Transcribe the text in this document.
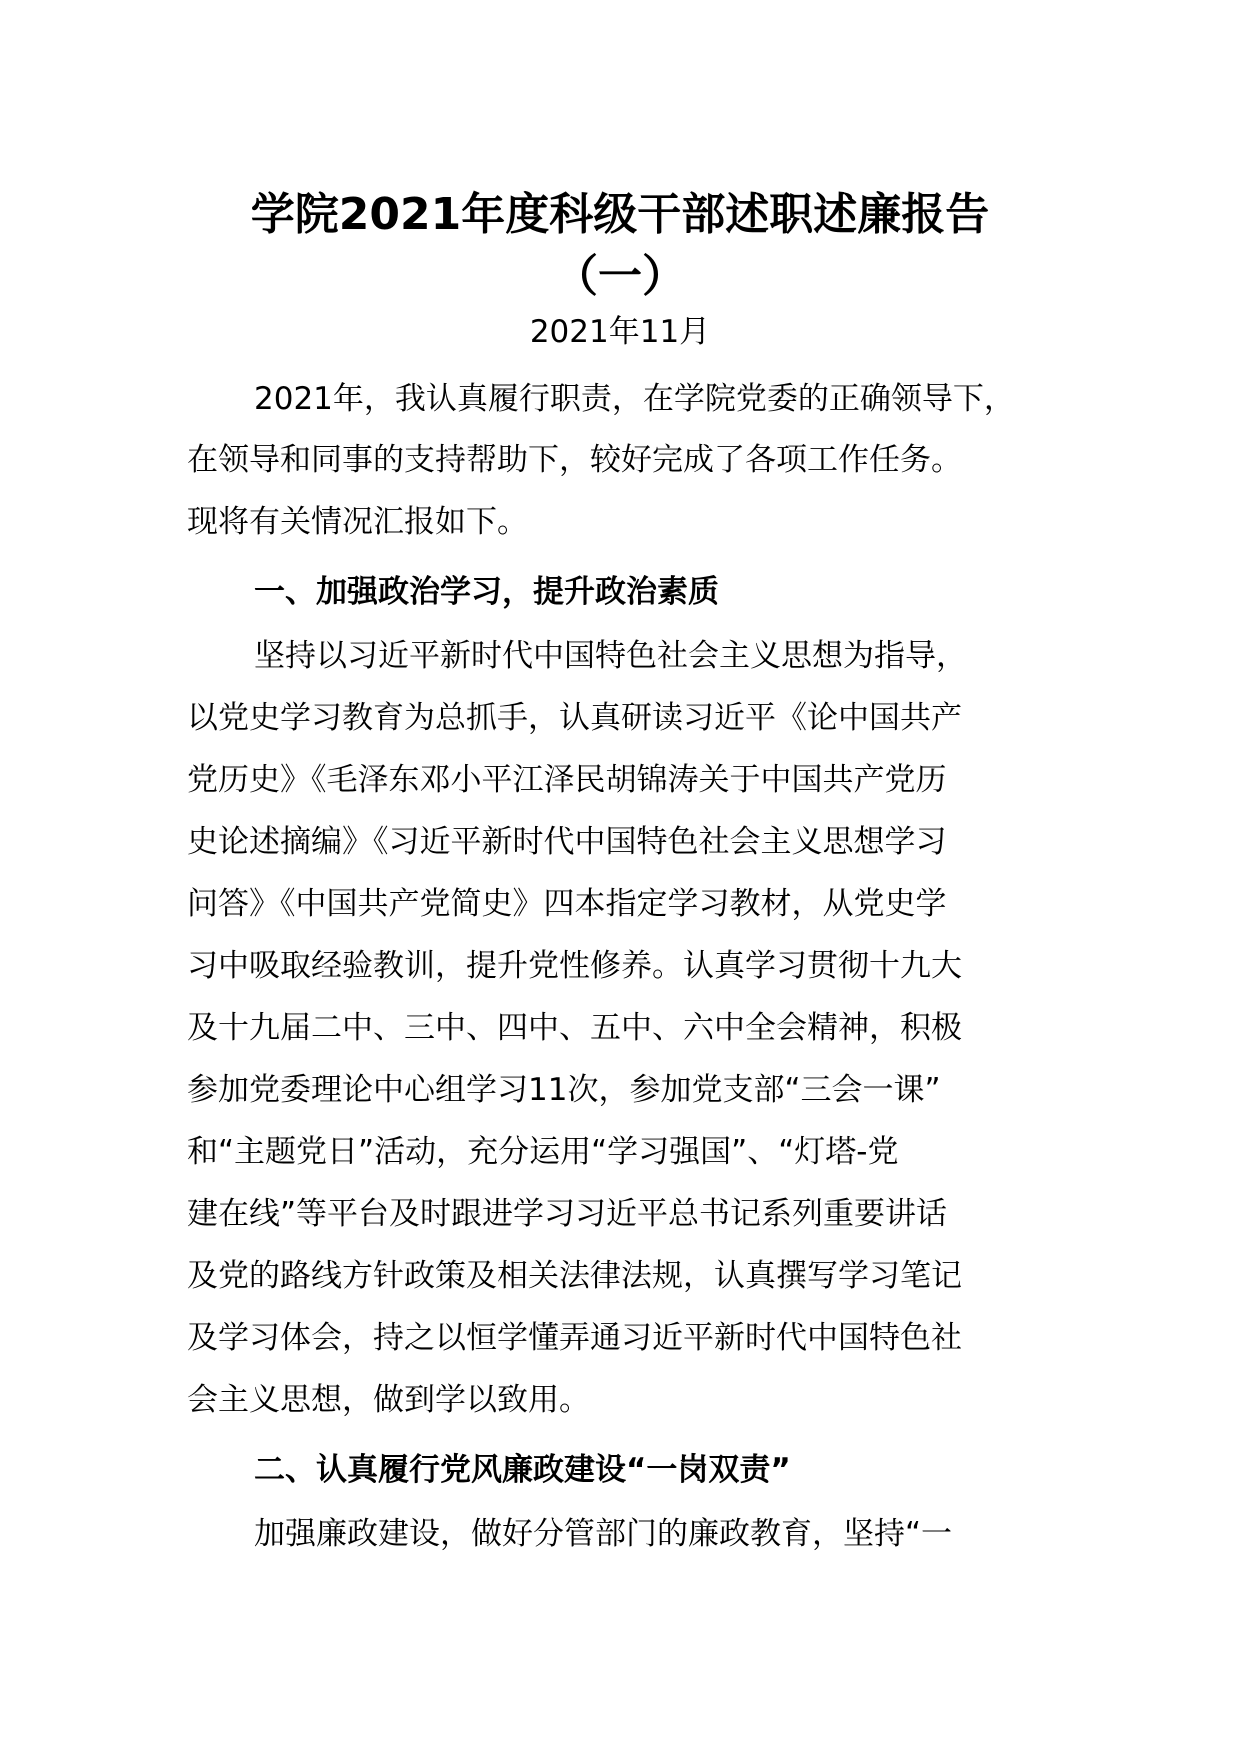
学院2021年度科级干部述职述廉报告
（一）
2021年11月
2021年，我认真履行职责，在学院党委的正确领导下，
在领导和同事的支持帮助下，较好完成了各项工作任务。
现将有关情况汇报如下。
一、加强政治学习，提升政治素质
坚持以习近平新时代中国特色社会主义思想为指导，
以党史学习教育为总抓手，认真研读习近平《论中国共产
党历史》《毛泽东邓小平江泽民胡锦涛关于中国共产党历
史论述摘编》《习近平新时代中国特色社会主义思想学习
问答》《中国共产党简史》四本指定学习教材，从党史学
习中吸取经验教训，提升党性修养。认真学习贯彻十九大
及十九届二中、三中、四中、五中、六中全会精神，积极
参加党委理论中心组学习11次，参加党支部“三会一课”
和“主题党日”活动，充分运用“学习强国”、“灯塔-党
建在线”等平台及时跟进学习习近平总书记系列重要讲话
及党的路线方针政策及相关法律法规，认真撰写学习笔记
及学习体会，持之以恒学懂弄通习近平新时代中国特色社
会主义思想，做到学以致用。
二、认真履行党风廉政建设“一岗双责”
加强廉政建设，做好分管部门的廉政教育，坚持“一
